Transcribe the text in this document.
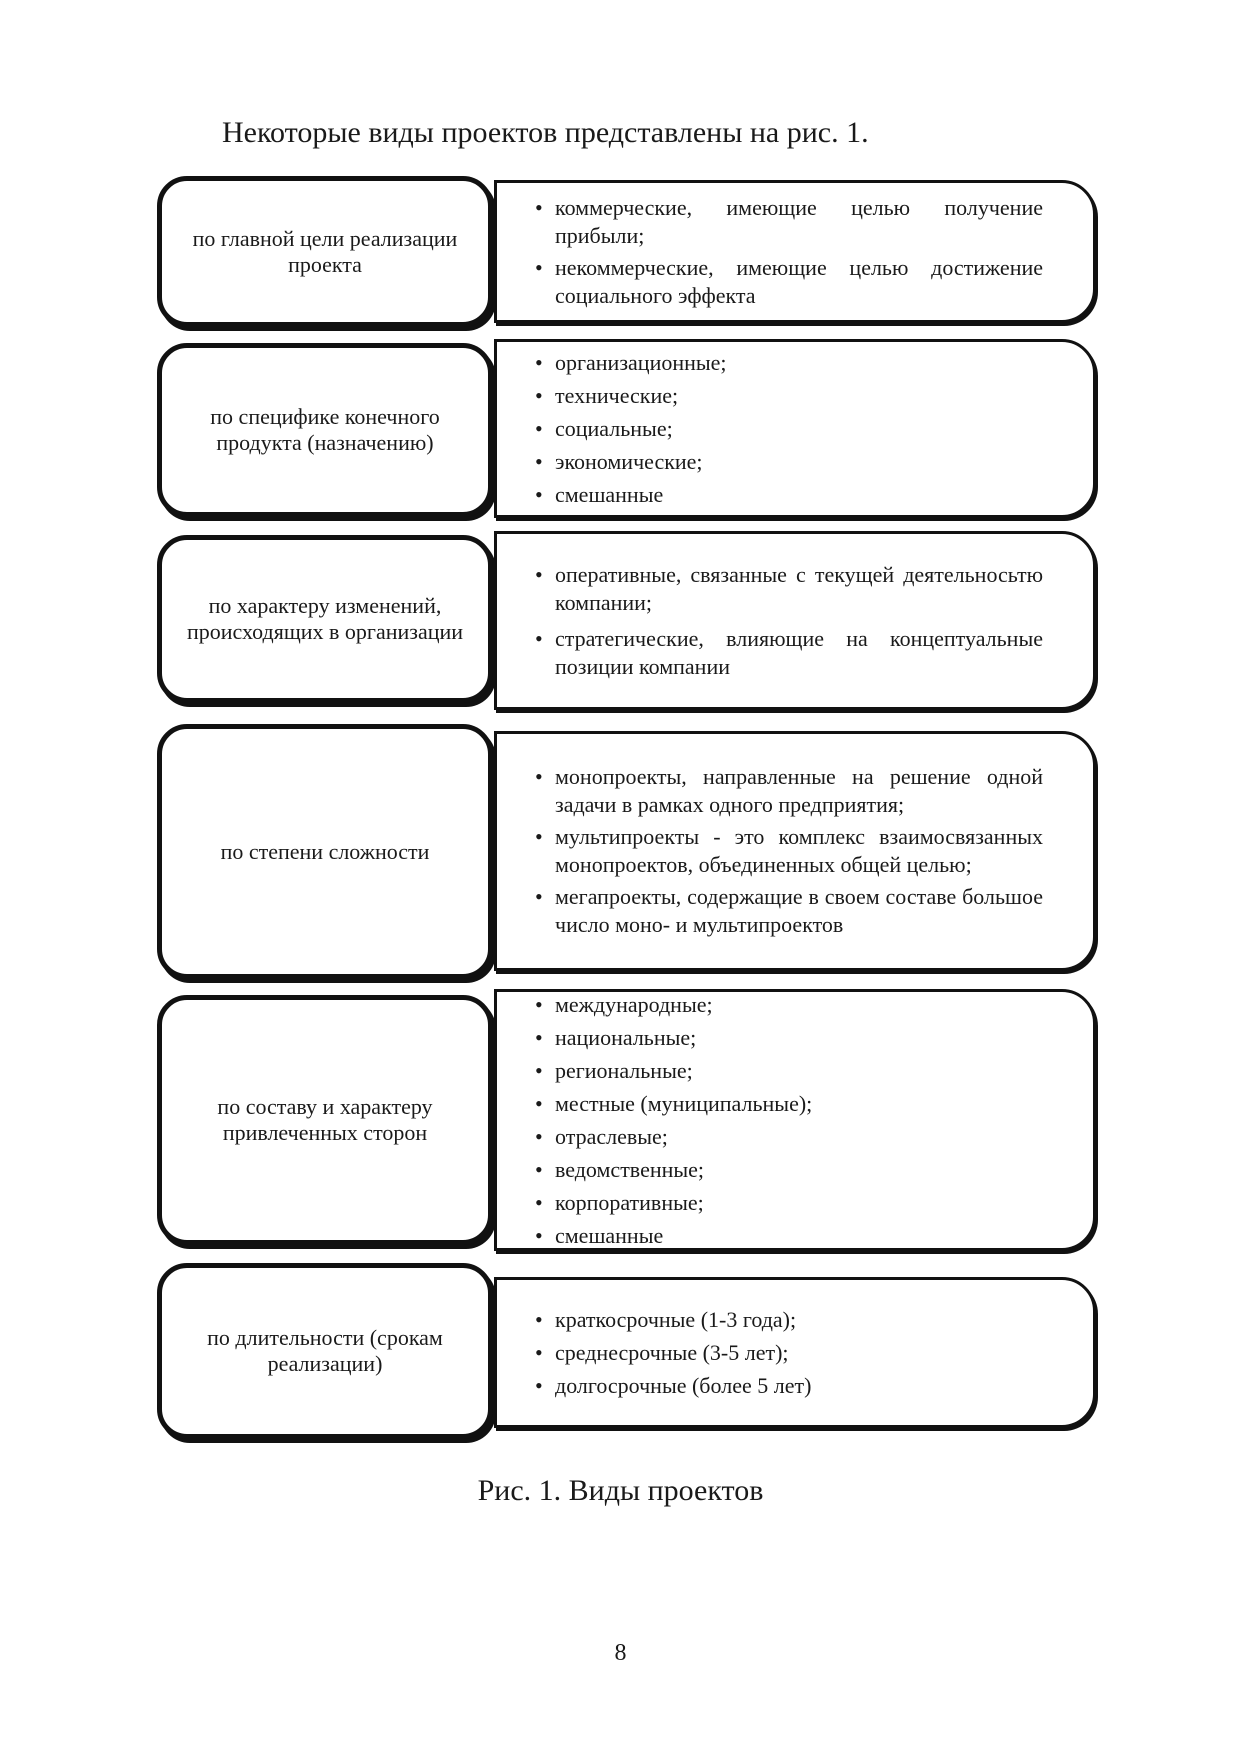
Некоторые виды проектов представлены на рис. 1.
по главной цели реализации проекта
• коммерческие, имеющие целью получение прибыли;
• некоммерческие, имеющие целью достижение социального эффекта
по специфике конечного продукта (назначению)
• организационные;
• технические;
• социальные;
• экономические;
• смешанные
по характеру изменений, происходящих в организации
• оперативные, связанные с текущей деятельносьтю компании;
• стратегические, влияющие на концептуальные позиции компании
по степени сложности
• монопроекты, направленные на решение одной задачи в рамках одного предприятия;
• мультипроекты - это комплекс взаимосвязанных монопроектов, объединенных общей целью;
• мегапроекты, содержащие в своем составе большое число моно- и мультипроектов
по составу и характеру привлеченных сторон
• международные;
• национальные;
• региональные;
• местные (муниципальные);
• отраслевые;
• ведомственные;
• корпоративные;
• смешанные
по длительности (срокам реализации)
• краткосрочные (1-3 года);
• среднесрочные (3-5 лет);
• долгосрочные (более 5 лет)

Рис. 1. Виды проектов

8
